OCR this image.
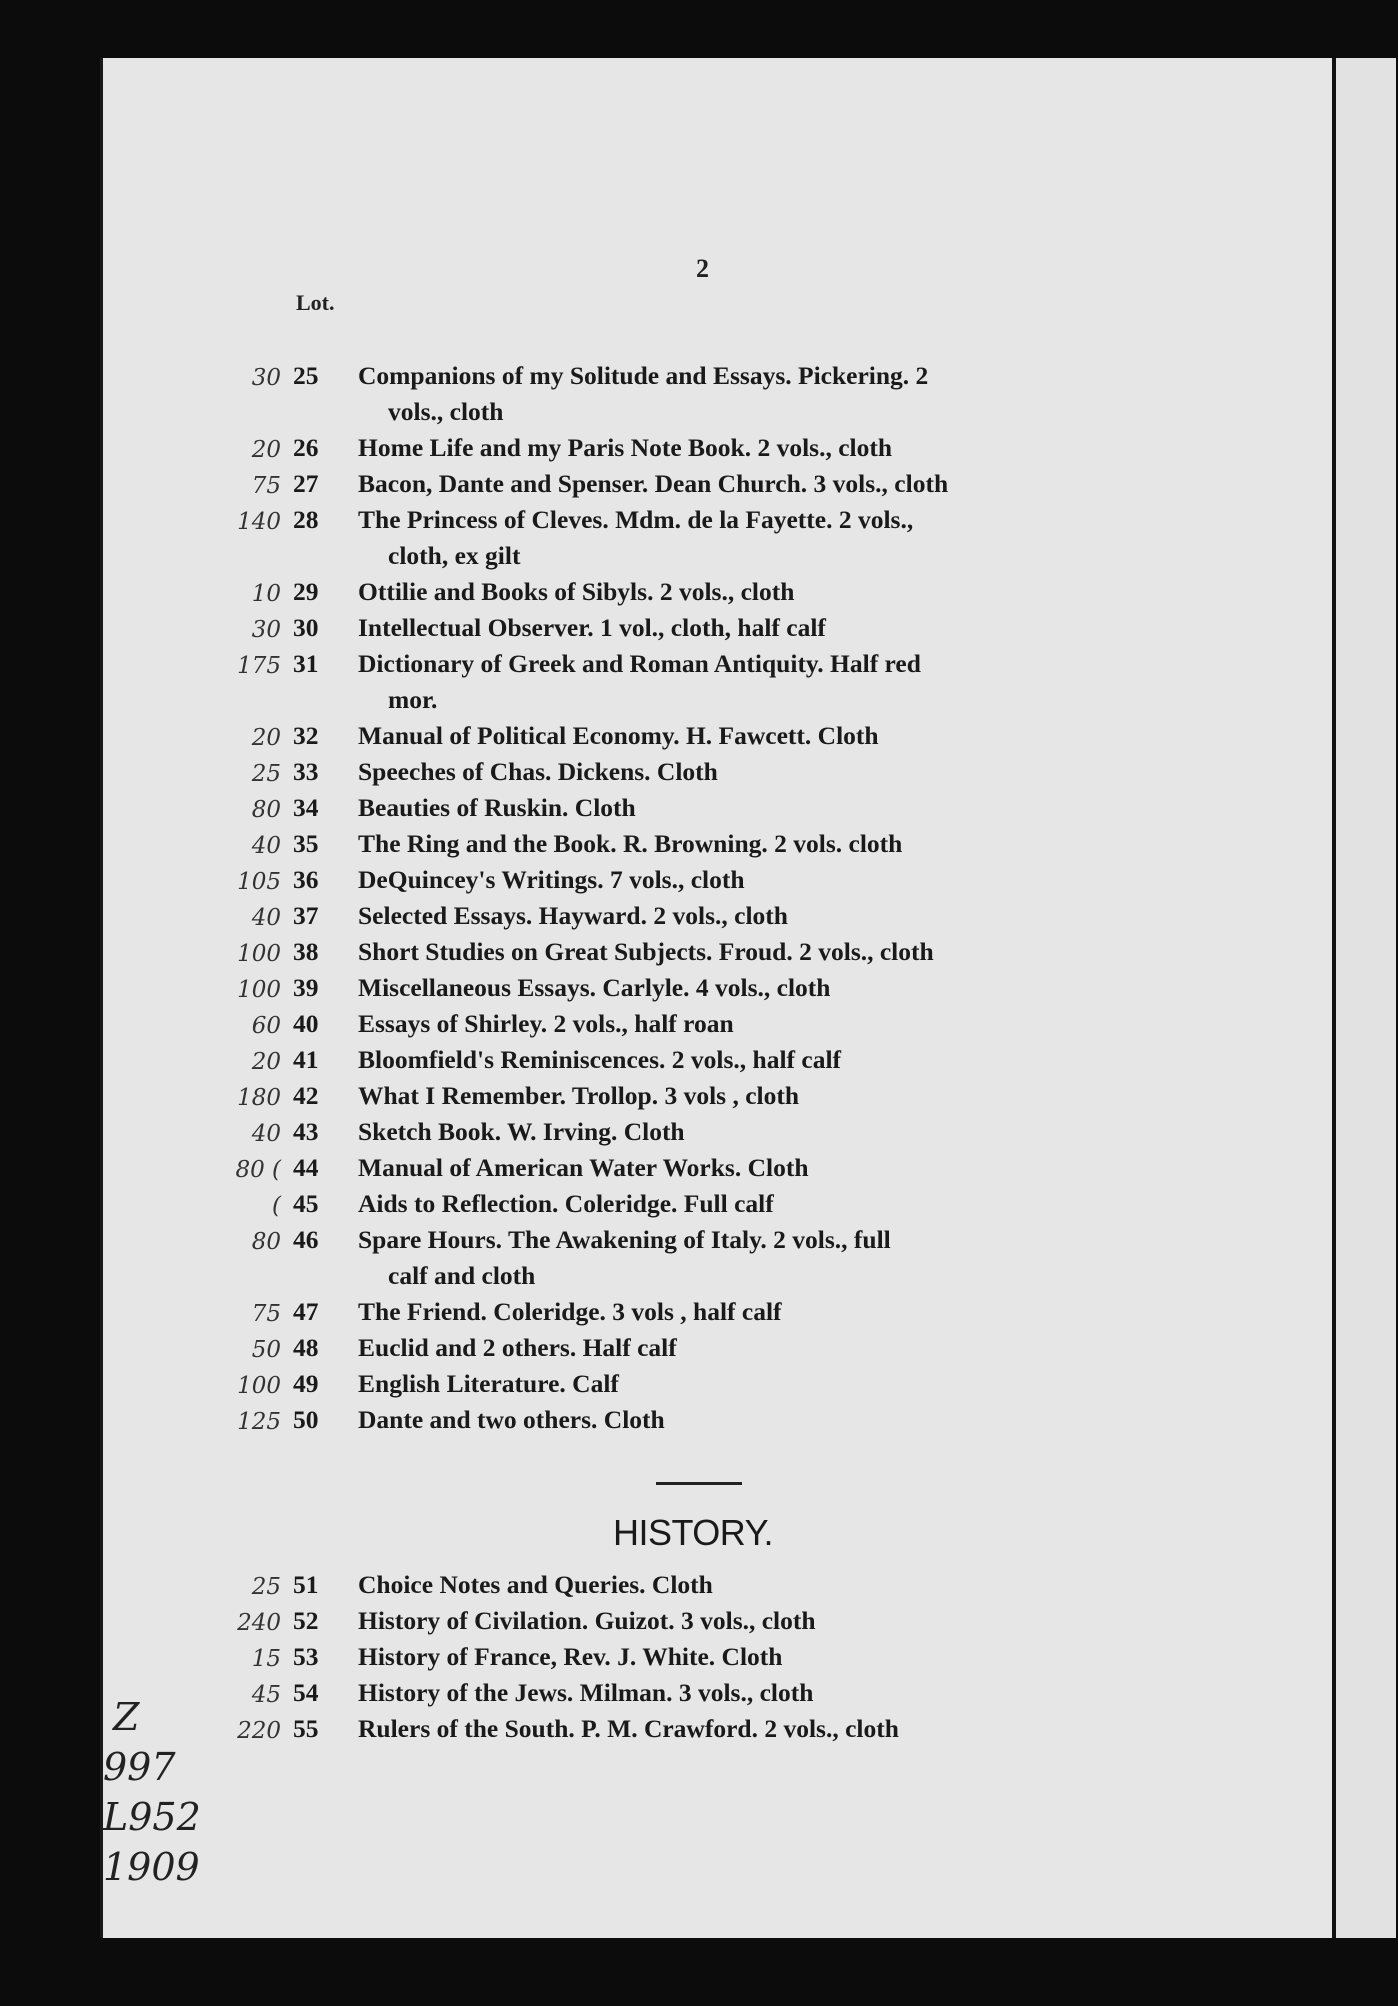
2
Lot.
30 25	Companions of my Solitude and Essays. Pickering. 2
vols., cloth
20 26	Home Life and my Paris Note Book. 2 vols., cloth
75 27	Bacon, Dante and Spenser. Dean Church. 3 vols., cloth
140 28	The Princess of Cleves. Mdm. de la Fayette. 2 vols.,
cloth, ex gilt
10 29	Ottilie and Books of Sibyls. 2 vols., cloth
30 30	Intellectual Observer. 1 vol., cloth, half calf
175 31	Dictionary of Greek and Roman Antiquity. Half red
mor.
20 32	Manual of Political Economy. H. Fawcett. Cloth
25 33	Speeches of Chas. Dickens. Cloth
80 34	Beauties of Ruskin. Cloth
40 35	The Ring and the Book. R. Browning. 2 vols. cloth
105 36	DeQuincey's Writings. 7 vols., cloth
40 37	Selected Essays. Hayward. 2 vols., cloth
100 38	Short Studies on Great Subjects. Froud. 2 vols., cloth
100 39	Miscellaneous Essays. Carlyle. 4 vols., cloth
60 40	Essays of Shirley. 2 vols., half roan
20 41	Bloomfield's Reminiscences. 2 vols., half calf
180 42	What I Remember. Trollop. 3 vols , cloth
40 43	Sketch Book. W. Irving. Cloth
80 ( 44	Manual of American Water Works. Cloth
( 45	Aids to Reflection. Coleridge. Full calf
80 46	Spare Hours. The Awakening of Italy. 2 vols., full
calf and cloth
75 47	The Friend. Coleridge. 3 vols , half calf
50 48	Euclid and 2 others. Half calf
100 49	English Literature. Calf
125 50	Dante and two others. Cloth
HISTORY.
25 51	Choice Notes and Queries. Cloth
240 52	History of Civilation. Guizot. 3 vols., cloth
15 53	History of France, Rev. J. White. Cloth
45 54	History of the Jews. Milman. 3 vols., cloth
220 55	Rulers of the South. P. M. Crawford. 2 vols., cloth
Z
997
L952
1909
